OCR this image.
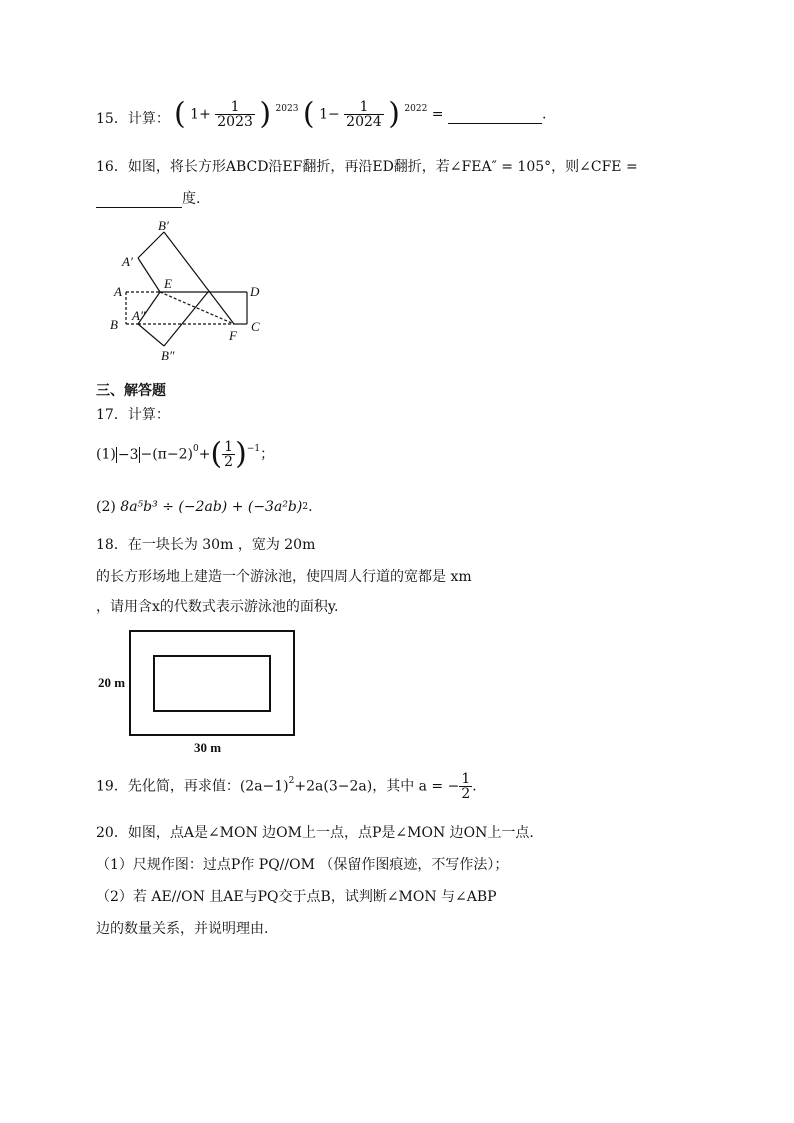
15．计算： ( $1+ \frac{1}{2023}$ ) $^{2023}$ ( $1- \frac{1}{2024}$ ) $^{2022}$ =	.
16．如图，将长方形ABCD沿EF翻折，再沿ED翻折，若∠FEA″ = 105°，则∠CFE =
度.
B′
A′
A
E
D
B
A″
F
C
B″
三、解答题
17．计算：
$(1) -3 -(\pi-2)^0+( \frac{1}{2} )^{-1}$；
(2) $8a^5b^3 \div (-2ab) + (-3a^2b)^2$.
18．在一块长为 30m ，宽为 20m
的长方形场地上建造一个游泳池，使四周人行道的宽都是 xm
，请用含x的代数式表示游泳池的面积y.
20 m
30 m
19．先化简，再求值：$(2a-1)^2+2a(3-2a)$，其中 a = − $\frac{1}{2}$ .
20．如图，点A是∠MON 边OM上一点，点P是∠MON 边ON上一点.
（1）尺规作图：过点P作 PQ//OM （保留作图痕迹，不写作法）；
（2）若 AE//ON 且AE与PQ交于点B，试判断∠MON 与∠ABP
边的数量关系，并说明理由.
